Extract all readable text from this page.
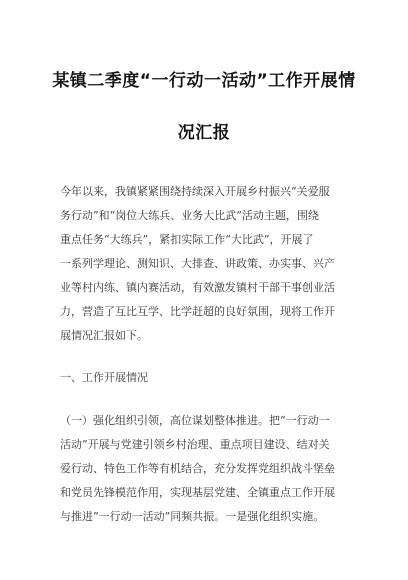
某镇二季度“一行动一活动”工作开展情
况汇报
今年以来，我镇紧紧围绕持续深入开展乡村振兴“关爱服
务行动”和“岗位大练兵、业务大比武”活动主题，围绕
重点任务“大练兵”，紧扣实际工作“大比武”，开展了
一系列学理论、测知识、大排查、讲政策、办实事、兴产
业等村内练、镇内赛活动，有效激发镇村干部干事创业活
力，营造了互比互学、比学赶超的良好氛围，现将工作开
展情况汇报如下。
一、工作开展情况
（一）强化组织引领，高位谋划整体推进。把“一行动一
活动”开展与党建引领乡村治理、重点项目建设、结对关
爱行动、特色工作等有机结合，充分发挥党组织战斗堡垒
和党员先锋模范作用，实现基层党建、全镇重点工作开展
与推进“一行动一活动”同频共振。一是强化组织实施。
